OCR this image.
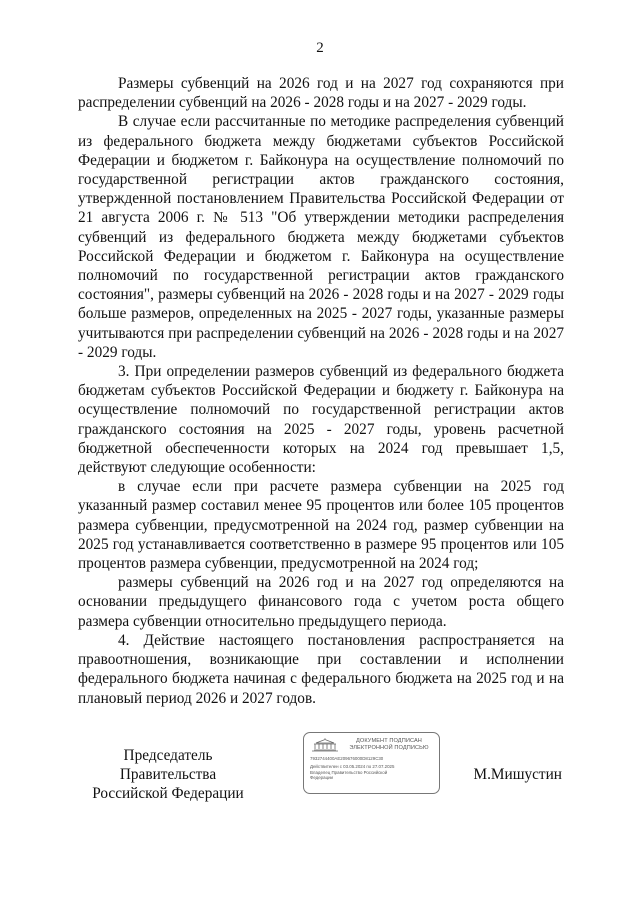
2

Размеры субвенций на 2026 год и на 2027 год сохраняются при распределении субвенций на 2026 - 2028 годы и на 2027 - 2029 годы.

В случае если рассчитанные по методике распределения субвенций из федерального бюджета между бюджетами субъектов Российской Федерации и бюджетом г. Байконура на осуществление полномочий по государственной регистрации актов гражданского состояния, утвержденной постановлением Правительства Российской Федерации от 21 августа 2006 г. № 513 "Об утверждении методики распределения субвенций из федерального бюджета между бюджетами субъектов Российской Федерации и бюджетом г. Байконура на осуществление полномочий по государственной регистрации актов гражданского состояния", размеры субвенций на 2026 - 2028 годы и на 2027 - 2029 годы больше размеров, определенных на 2025 - 2027 годы, указанные размеры учитываются при распределении субвенций на 2026 - 2028 годы и на 2027 - 2029 годы.

3. При определении размеров субвенций из федерального бюджета бюджетам субъектов Российской Федерации и бюджету г. Байконура на осуществление полномочий по государственной регистрации актов гражданского состояния на 2025 - 2027 годы, уровень расчетной бюджетной обеспеченности которых на 2024 год превышает 1,5, действуют следующие особенности:

в случае если при расчете размера субвенции на 2025 год указанный размер составил менее 95 процентов или более 105 процентов размера субвенции, предусмотренной на 2024 год, размер субвенции на 2025 год устанавливается соответственно в размере 95 процентов или 105 процентов размера субвенции, предусмотренной на 2024 год;

размеры субвенций на 2026 год и на 2027 год определяются на основании предыдущего финансового года с учетом роста общего размера субвенции относительно предыдущего периода.

4. Действие настоящего постановления распространяется на правоотношения, возникающие при составлении и исполнении федерального бюджета начиная с федерального бюджета на 2025 год и на плановый период 2026 и 2027 годов.

Председатель Правительства
Российской Федерации
ДОКУМЕНТ ПОДПИСАН
ЭЛЕКТРОННОЙ ПОДПИСЬЮ
7932744400AE209676000D8129C30
Действителен с 03.05.2024 по 27.07.2025
Владелец Правительство Российской
Федерации	М.Мишустин
